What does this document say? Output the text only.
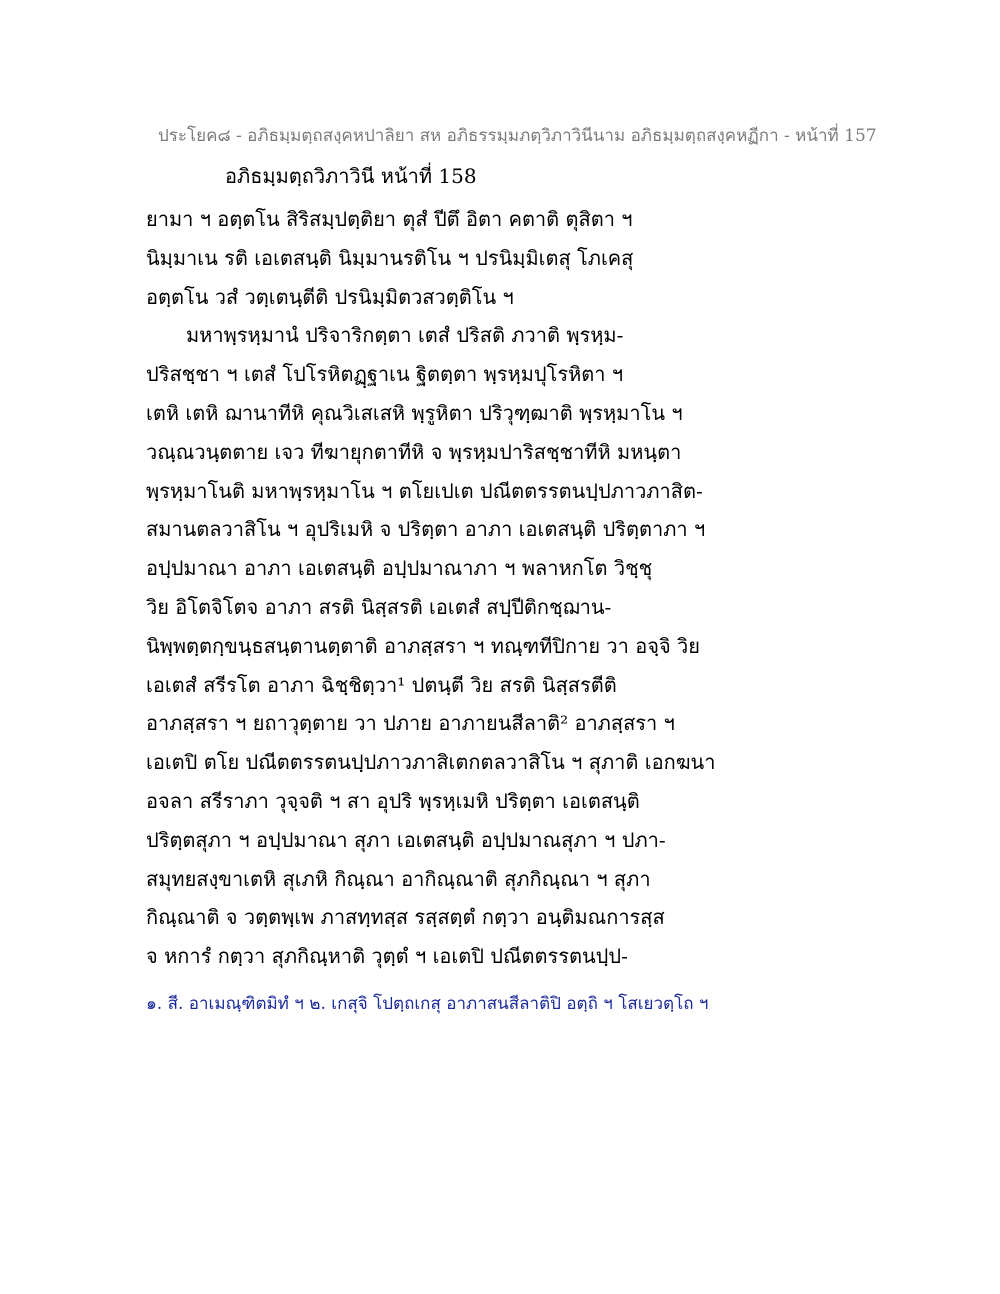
ประโยค๘ - อภิธมฺมตฺถสงฺคหปาลิยา สห อภิธรรมฺมภตฺวิภาวินีนาม อภิธมฺมตฺถสงฺคหฏีกา - หน้าที่ 157
อภิธมฺมตฺถวิภาวินี หน้าที่ 158
ยามา ฯ อตฺตโน สิริสมฺปตฺติยา ตุสํ ปีตึ อิตา คตาติ ตุสิตา ฯ
นิมฺมาเน รติ เอเตสนฺติ นิมฺมานรติโน ฯ ปรนิมฺมิเตสุ โภเคสุ
อตฺตโน วสํ วตฺเตนฺตีติ ปรนิมฺมิตวสวตฺติโน ฯ
มหาพฺรหฺมานํ ปริจาริกตฺตา เตสํ ปริสติ ภวาติ พฺรหฺม-
ปริสชฺชา ฯ เตสํ โปโรหิตฏฺฐาเน ฐิตตฺตา พฺรหฺมปุโรหิตา ฯ
เตหิ เตหิ ฌานาทีหิ คุณวิเสเสหิ พฺรูหิตา ปริวุฑฺฒาติ พฺรหฺมาโน ฯ
วณฺณวนฺตตาย เจว ทีฆายุกตาทีหิ จ พฺรหฺมปาริสชฺชาทีหิ มหนฺตา
พฺรหฺมาโนติ มหาพฺรหฺมาโน ฯ ตโยเปเต ปณีตตรรตนปฺปภาวภาสิต-
สมานตลวาสิโน ฯ อุปริเมหิ จ ปริตฺตา อาภา เอเตสนฺติ ปริตฺตาภา ฯ
อปฺปมาณา อาภา เอเตสนฺติ อปฺปมาณาภา ฯ พลาหกโต วิชฺชุ
วิย อิโตจิโตจ อาภา สรติ นิสฺสรติ เอเตสํ สปฺปีติกชฺฌาน-
นิพฺพตฺตกฺขนฺธสนฺตานตฺตาติ อาภสฺสรา ฯ ทณฺฑทีปิกาย วา อจฺจิ วิย
เอเตสํ สรีรโต อาภา ฉิชฺชิตฺวา¹ ปตนฺตี วิย สรติ นิสฺสรตีติ
อาภสฺสรา ฯ ยถาวุตฺตาย วา ปภาย อาภายนสีลาติ² อาภสฺสรา ฯ
เอเตปิ ตโย ปณีตตรรตนปฺปภาวภาสิเตกตลวาสิโน ฯ สุภาติ เอกฆนา
อจลา สรีราภา วุจฺจติ ฯ สา อุปริ พฺรหฺเมหิ ปริตฺตา เอเตสนฺติ
ปริตฺตสุภา ฯ อปฺปมาณา สุภา เอเตสนฺติ อปฺปมาณสุภา ฯ ปภา-
สมุทยสงฺขาเตหิ สุเภหิ กิณฺณา อากิณฺณาติ สุภกิณฺณา ฯ สุภา
กิณฺณาติ จ วตฺตพฺเพ ภาสทฺทสฺส รสฺสตฺตํ กตฺวา อนฺติมณการสฺส
จ หการํ กตฺวา สุภกิณฺหาติ วุตฺตํ ฯ เอเตปิ ปณีตตรรตนปฺป-
๑. สี. อาเมณฺฑิตมิทํ ฯ ๒. เกสุจิ โปตฺถเกสุ อาภาสนสีลาติปิ อตฺถิ ฯ โสเยวตฺโถ ฯ
